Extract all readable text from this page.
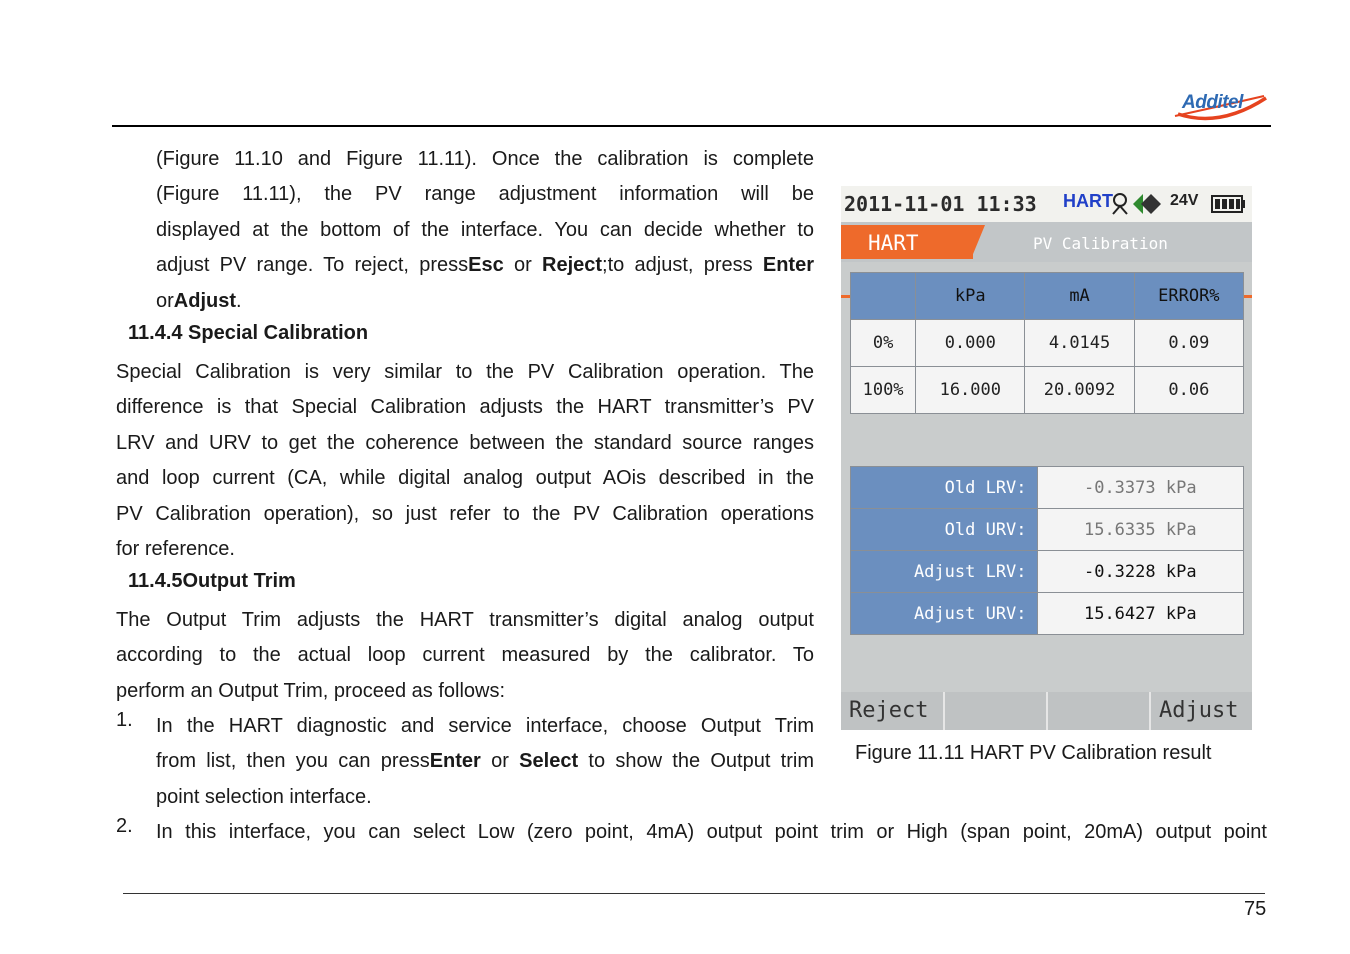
Additel
(Figure 11.10 and Figure 11.11). Once the calibration is complete
(Figure 11.11), the PV range adjustment information will be
displayed at the bottom of the interface. You can decide whether to
adjust PV range. To reject, pressEsc or Reject;to adjust, press Enter
orAdjust.
11.4.4 Special Calibration
Special Calibration is very similar to the PV Calibration operation. The
difference is that Special Calibration adjusts the HART transmitter’s PV
LRV and URV to get the coherence between the standard source ranges
and loop current (CA, while digital analog output AOis described in the
PV Calibration operation), so just refer to the PV Calibration operations
for reference.
11.4.5Output Trim
The Output Trim adjusts the HART transmitter’s digital analog output
according to the actual loop current measured by the calibrator. To
perform an Output Trim, proceed as follows:
1. In the HART diagnostic and service interface, choose Output Trim
from list, then you can pressEnter or Select to show the Output trim
point selection interface.
2. In this interface, you can select Low (zero point, 4mA) output point trim or High (span point, 20mA) output point
2011-11-01 11:33 HART	24V
HART	PV Calibration
	kPa	mA	ERROR%
0%	0.000	4.0145	0.09
100%	16.000	20.0092	0.06
Old LRV:	-0.3373 kPa
Old URV:	15.6335 kPa
Adjust LRV:	-0.3228 kPa
Adjust URV:	15.6427 kPa
Reject	Adjust
Figure 11.11 HART PV Calibration result
75
